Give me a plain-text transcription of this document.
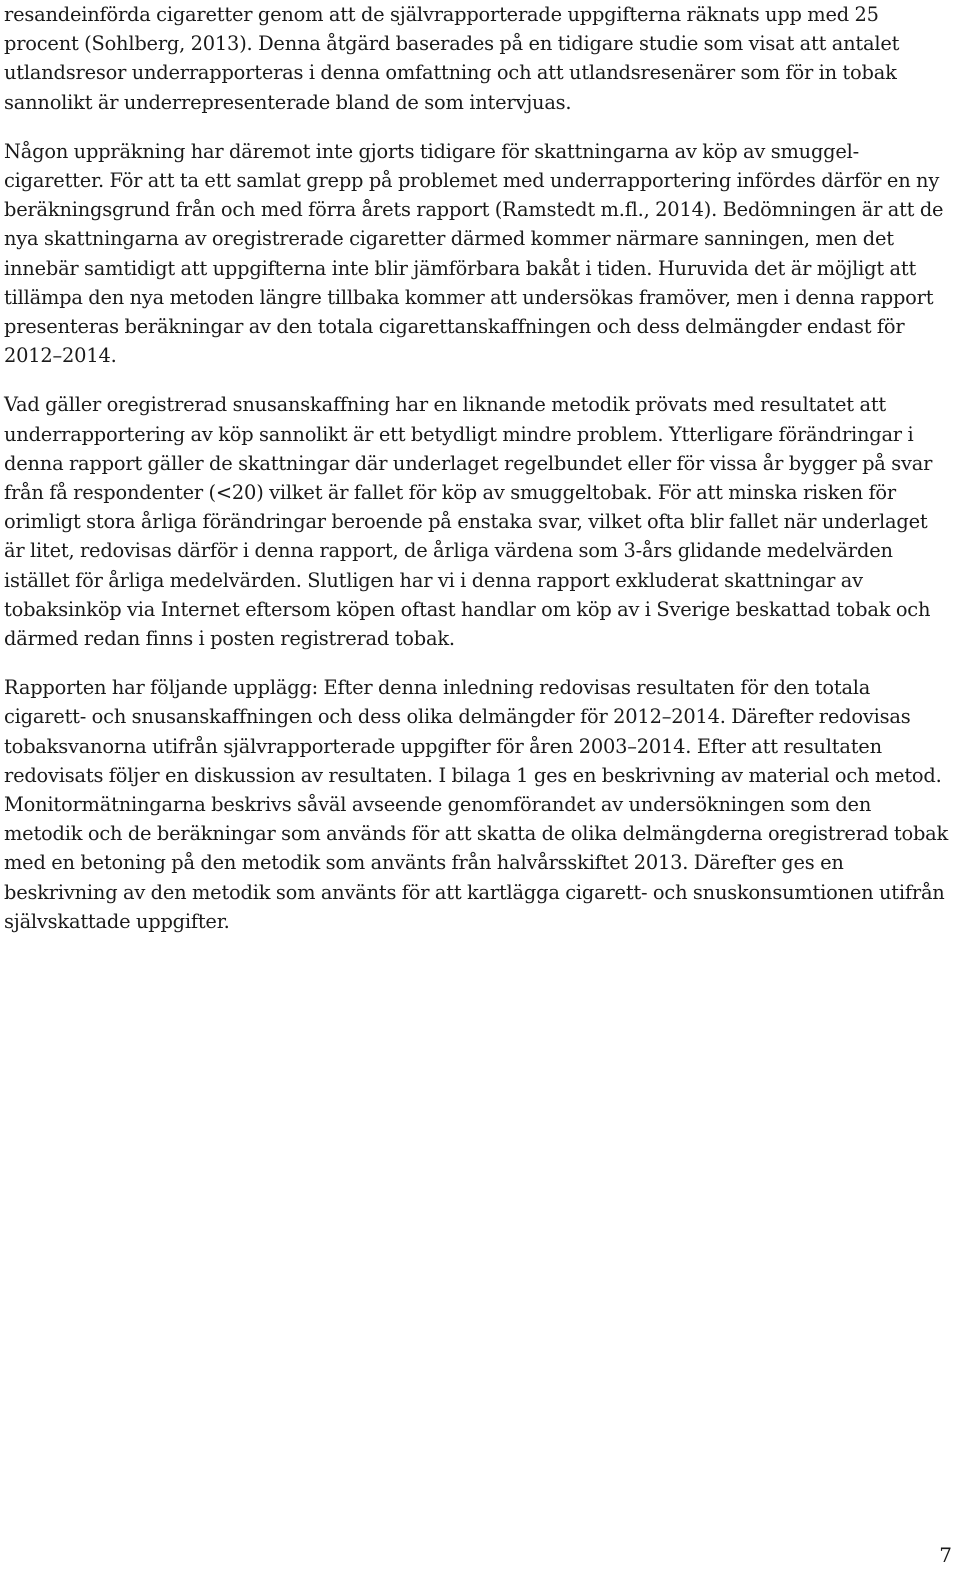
resandeinförda cigaretter genom att de självrapporterade uppgifterna räknats upp med 25 procent (Sohlberg, 2013). Denna åtgärd baserades på en tidigare studie som visat att antalet utlandsresor underrapporteras i denna omfattning och att utlandsresenärer som för in tobak sannolikt är underrepresenterade bland de som intervjuas.

Någon uppräkning har däremot inte gjorts tidigare för skattningarna av köp av smuggel-cigaretter. För att ta ett samlat grepp på problemet med underrapportering infördes därför en ny beräkningsgrund från och med förra årets rapport (Ramstedt m.fl., 2014). Bedömningen är att de nya skattningarna av oregistrerade cigaretter därmed kommer närmare sanningen, men det innebär samtidigt att uppgifterna inte blir jämförbara bakåt i tiden. Huruvida det är möjligt att tillämpa den nya metoden längre tillbaka kommer att undersökas framöver, men i denna rapport presenteras beräkningar av den totala cigarettanskaffningen och dess delmängder endast för 2012–2014.

Vad gäller oregistrerad snusanskaffning har en liknande metodik prövats med resultatet att underrapportering av köp sannolikt är ett betydligt mindre problem. Ytterligare förändringar i denna rapport gäller de skattningar där underlaget regelbundet eller för vissa år bygger på svar från få respondenter (<20) vilket är fallet för köp av smuggeltobak. För att minska risken för orimligt stora årliga förändringar beroende på enstaka svar, vilket ofta blir fallet när underlaget är litet, redovisas därför i denna rapport, de årliga värdena som 3-års glidande medelvärden istället för årliga medelvärden. Slutligen har vi i denna rapport exkluderat skattningar av tobaksinköp via Internet eftersom köpen oftast handlar om köp av i Sverige beskattad tobak och därmed redan finns i posten registrerad tobak.

Rapporten har följande upplägg: Efter denna inledning redovisas resultaten för den totala cigarett- och snusanskaffningen och dess olika delmängder för 2012–2014. Därefter redovisas tobaksvanorna utifrån självrapporterade uppgifter för åren 2003–2014. Efter att resultaten redovisats följer en diskussion av resultaten. I bilaga 1 ges en beskrivning av material och metod. Monitormätningarna beskrivs såväl avseende genomförandet av undersökningen som den metodik och de beräkningar som används för att skatta de olika delmängderna oregistrerad tobak med en betoning på den metodik som använts från halvårsskiftet 2013. Därefter ges en beskrivning av den metodik som använts för att kartlägga cigarett- och snuskonsumtionen utifrån självskattade uppgifter.

7
